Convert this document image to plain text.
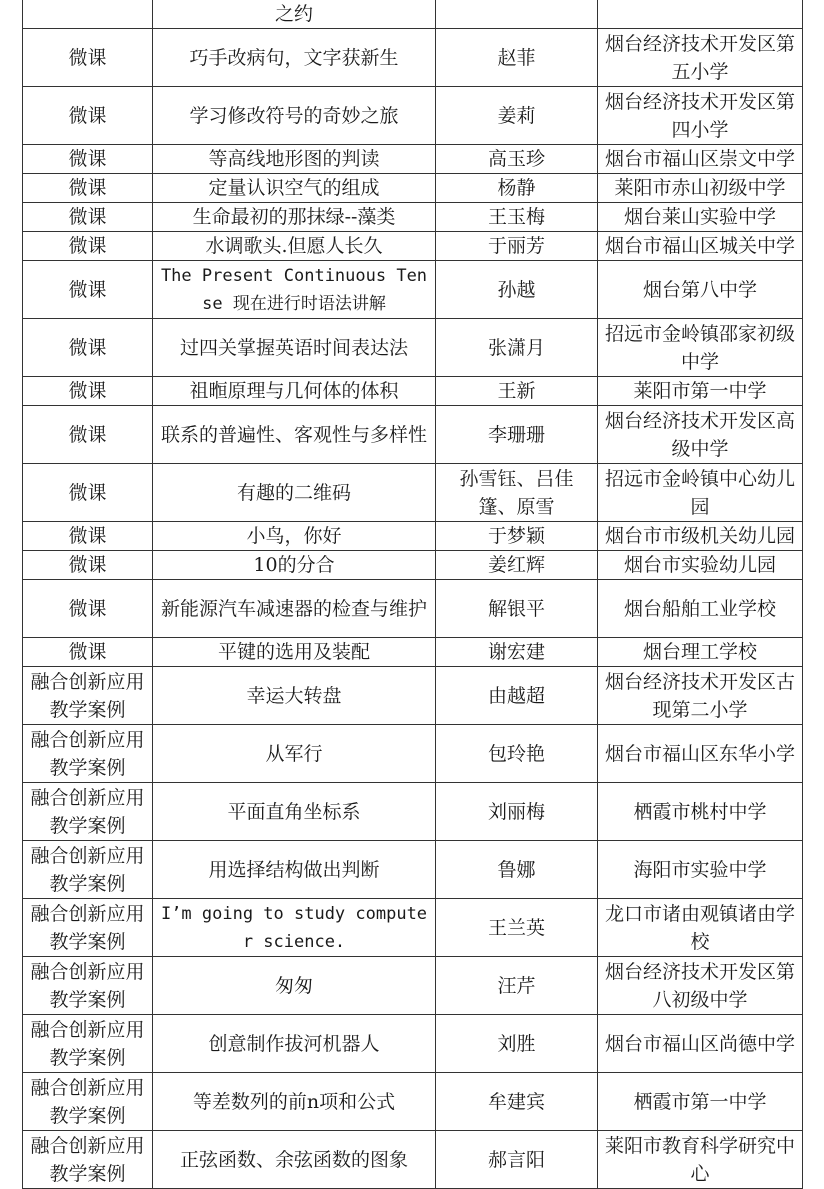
	之约		
微课	巧手改病句，文字获新生	赵菲	烟台经济技术开发区第五小学
微课	学习修改符号的奇妙之旅	姜莉	烟台经济技术开发区第四小学
微课	等高线地形图的判读	高玉珍	烟台市福山区崇文中学
微课	定量认识空气的组成	杨静	莱阳市赤山初级中学
微课	生命最初的那抹绿--藻类	王玉梅	烟台莱山实验中学
微课	水调歌头.但愿人长久	于丽芳	烟台市福山区城关中学
微课	The Present Continuous Tense 现在进行时语法讲解	孙越	烟台第八中学
微课	过四关掌握英语时间表达法	张潇月	招远市金岭镇邵家初级中学
微课	祖暅原理与几何体的体积	王新	莱阳市第一中学
微课	联系的普遍性、客观性与多样性	李珊珊	烟台经济技术开发区高级中学
微课	有趣的二维码	孙雪钰、吕佳篷、原雪	招远市金岭镇中心幼儿园
微课	小鸟，你好	于梦颖	烟台市市级机关幼儿园
微课	10的分合	姜红辉	烟台市实验幼儿园
微课	新能源汽车减速器的检查与维护	解银平	烟台船舶工业学校
微课	平键的选用及装配	谢宏建	烟台理工学校
融合创新应用教学案例	幸运大转盘	由越超	烟台经济技术开发区古现第二小学
融合创新应用教学案例	从军行	包玲艳	烟台市福山区东华小学
融合创新应用教学案例	平面直角坐标系	刘丽梅	栖霞市桃村中学
融合创新应用教学案例	用选择结构做出判断	鲁娜	海阳市实验中学
融合创新应用教学案例	I’m going to study computer science.	王兰英	龙口市诸由观镇诸由学校
融合创新应用教学案例	匆匆	汪芹	烟台经济技术开发区第八初级中学
融合创新应用教学案例	创意制作拔河机器人	刘胜	烟台市福山区尚德中学
融合创新应用教学案例	等差数列的前n项和公式	牟建宾	栖霞市第一中学
融合创新应用教学案例	正弦函数、余弦函数的图象	郝言阳	莱阳市教育科学研究中心
